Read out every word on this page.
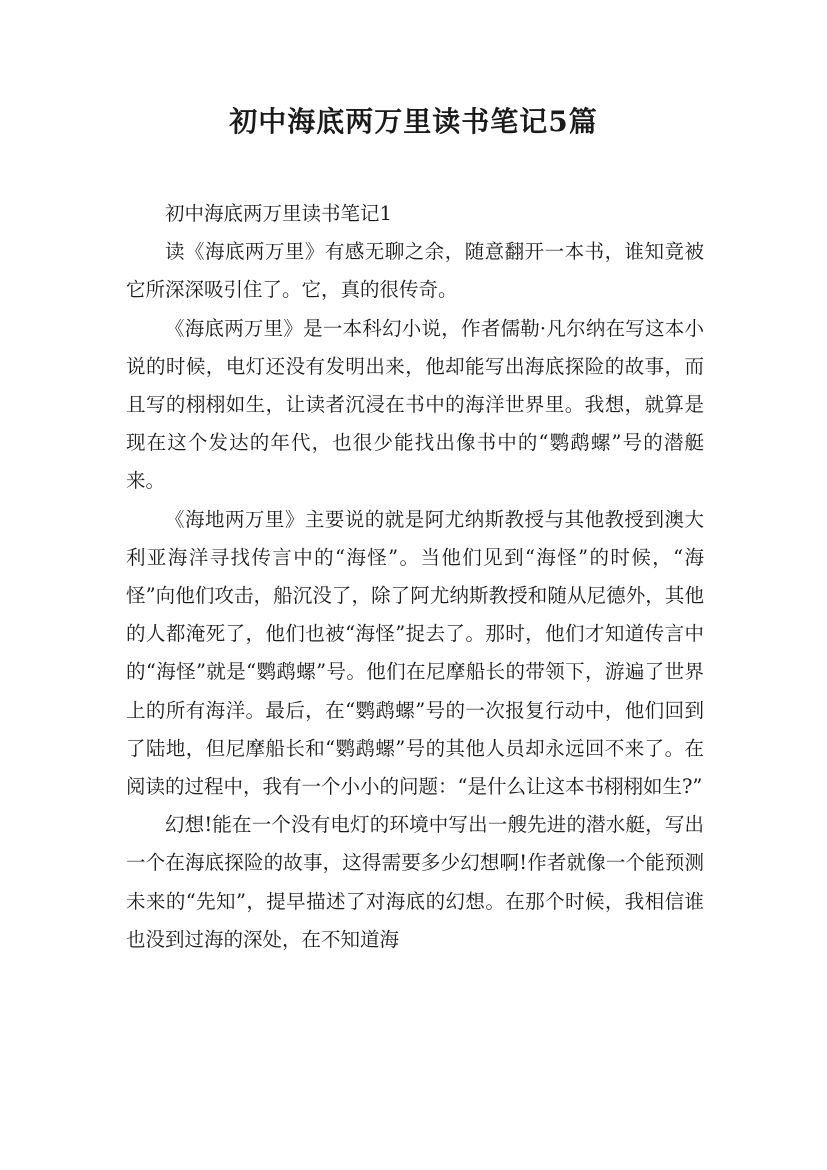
初中海底两万里读书笔记5篇

初中海底两万里读书笔记1

读《海底两万里》有感无聊之余，随意翻开一本书，谁知竟被它所深深吸引住了。它，真的很传奇。

《海底两万里》是一本科幻小说，作者儒勒·凡尔纳在写这本小说的时候，电灯还没有发明出来，他却能写出海底探险的故事，而且写的栩栩如生，让读者沉浸在书中的海洋世界里。我想，就算是现在这个发达的年代，也很少能找出像书中的“鹦鹉螺”号的潜艇来。

《海地两万里》主要说的就是阿尤纳斯教授与其他教授到澳大利亚海洋寻找传言中的“海怪”。当他们见到“海怪”的时候，“海怪”向他们攻击，船沉没了，除了阿尤纳斯教授和随从尼德外，其他的人都淹死了，他们也被“海怪”捉去了。那时，他们才知道传言中的“海怪”就是“鹦鹉螺”号。他们在尼摩船长的带领下，游遍了世界上的所有海洋。最后，在“鹦鹉螺”号的一次报复行动中，他们回到了陆地，但尼摩船长和“鹦鹉螺”号的其他人员却永远回不来了。在阅读的过程中，我有一个小小的问题：“是什么让这本书栩栩如生?”

幻想!能在一个没有电灯的环境中写出一艘先进的潜水艇，写出一个在海底探险的故事，这得需要多少幻想啊!作者就像一个能预测未来的“先知”，提早描述了对海底的幻想。在那个时候，我相信谁也没到过海的深处，在不知道海
